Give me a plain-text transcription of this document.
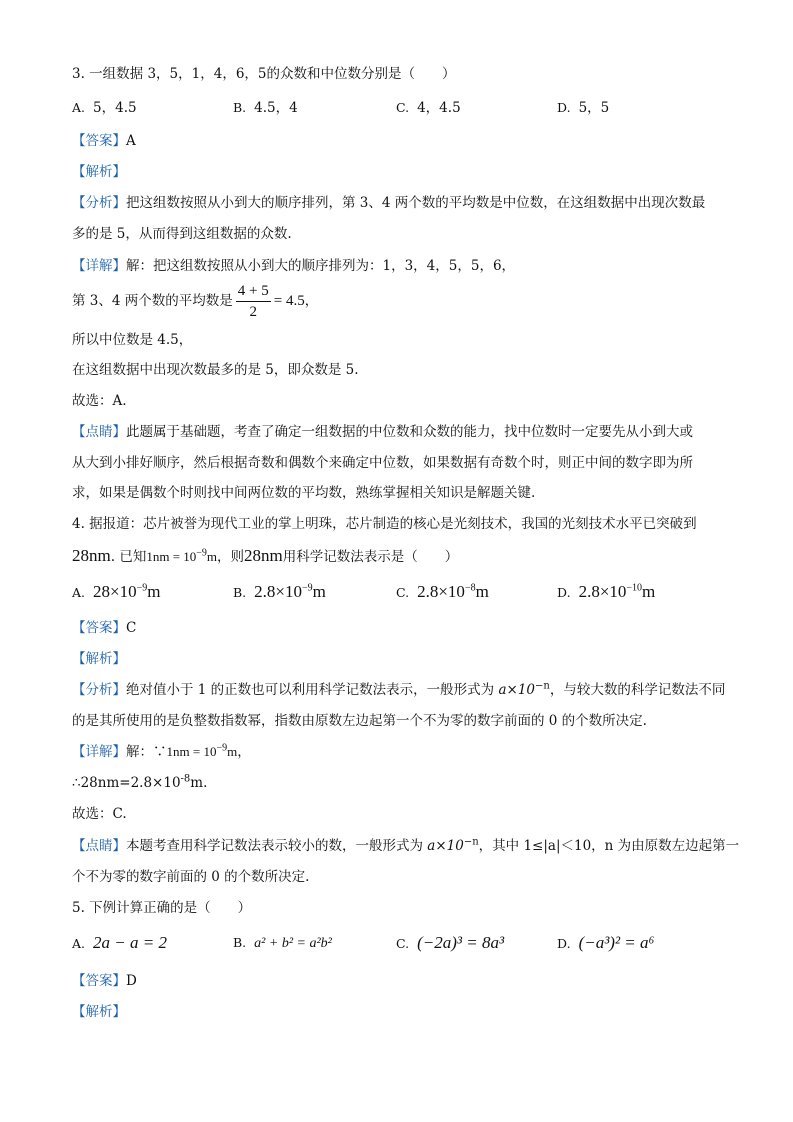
3. 一组数据 3，5，1，4，6，5的众数和中位数分别是（　　）
A. 5，4.5	B. 4.5，4	C. 4，4.5	D. 5，5
【答案】A
【解析】
【分析】把这组数按照从小到大的顺序排列，第 3、4 两个数的平均数是中位数，在这组数据中出现次数最
多的是 5，从而得到这组数据的众数.
【详解】解：把这组数按照从小到大的顺序排列为：1，3，4，5，5，6，
第 3、4 两个数的平均数是 $\frac{4 + 5}{2} = 4.5$，
所以中位数是 4.5，
在这组数据中出现次数最多的是 5，即众数是 5.
故选：A.
【点睛】此题属于基础题，考查了确定一组数据的中位数和众数的能力，找中位数时一定要先从小到大或
从大到小排好顺序，然后根据奇数和偶数个来确定中位数，如果数据有奇数个时，则正中间的数字即为所
求，如果是偶数个时则找中间两位数的平均数，熟练掌握相关知识是解题关键.
4. 据报道：芯片被誉为现代工业的掌上明珠，芯片制造的核心是光刻技术，我国的光刻技术水平已突破到
28nm. 已知$1nm = 10^{-9}m$，则28nm用科学记数法表示是（　　）
A. $28\times 10^{-9}m$	B. $2.8\times 10^{-9}m$	C. $2.8\times 10^{-8}m$	D. $2.8\times 10^{-10}m$
【答案】C
【解析】
【分析】绝对值小于 1 的正数也可以利用科学记数法表示，一般形式为 $a\times 10^{-n}$，与较大数的科学记数法不同
的是其所使用的是负整数指数幂，指数由原数左边起第一个不为零的数字前面的 0 的个数所决定.
【详解】解：∵1nm = $10^{-9}m$，
$\therefore 28nm=2.8\times 10^{-8}m$.
故选：C.
【点睛】本题考查用科学记数法表示较小的数，一般形式为 $a\times 10^{-n}$，其中 1≤|a|＜10，n 为由原数左边起第一
个不为零的数字前面的 0 的个数所决定.
5. 下例计算正确的是（　　）
A. 2a − a = 2	B. a² + b² = a²b²	C. (−2a)³ = 8a³	D. (−a³)² = a⁶
【答案】D
【解析】
